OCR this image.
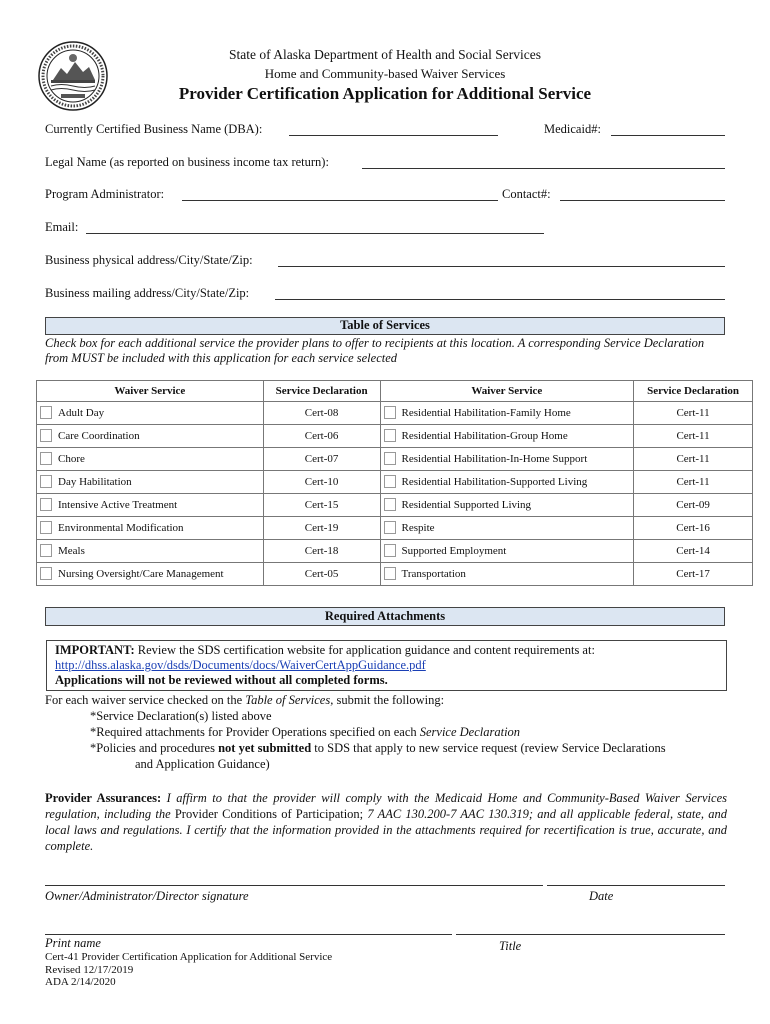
State of Alaska Department of Health and Social Services
Home and Community-based Waiver Services
Provider Certification Application for Additional Service
Currently Certified Business Name (DBA):	Medicaid#:
Legal Name (as reported on business income tax return):
Program Administrator:	Contact#:
Email:
Business physical address/City/State/Zip:
Business mailing address/City/State/Zip:
Table of Services
Check box for each additional service the provider plans to offer to recipients at this location. A corresponding Service Declaration from MUST be included with this application for each service selected
Waiver Service	Service Declaration	Waiver Service	Service Declaration

Adult Day	Cert-08	Residential Habilitation-Family Home	Cert-11

Care Coordination	Cert-06	Residential Habilitation-Group Home	Cert-11

Chore	Cert-07	Residential Habilitation-In-Home Support	Cert-11

Day Habilitation	Cert-10	Residential Habilitation-Supported Living	Cert-11

Intensive Active Treatment	Cert-15	Residential Supported Living	Cert-09

Environmental Modification	Cert-19	Respite	Cert-16

Meals	Cert-18	Supported Employment	Cert-14

Nursing Oversight/Care Management	Cert-05	Transportation	Cert-17
Required Attachments
IMPORTANT: Review the SDS certification website for application guidance and content requirements at:
http://dhss.alaska.gov/dsds/Documents/docs/WaiverCertAppGuidance.pdf
Applications will not be reviewed without all completed forms.
For each waiver service checked on the Table of Services, submit the following:
*Service Declaration(s) listed above
*Required attachments for Provider Operations specified on each Service Declaration
*Policies and procedures not yet submitted to SDS that apply to new service request (review Service Declarations
and Application Guidance)
Provider Assurances: I affirm to that the provider will comply with the Medicaid Home and Community-Based Waiver Services regulation, including the Provider Conditions of Participation; 7 AAC 130.200-7 AAC 130.319; and all applicable federal, state, and local laws and regulations. I certify that the information provided in the attachments required for recertification is true, accurate, and complete.
Owner/Administrator/Director signature	Date
Print name	Title
Cert-41 Provider Certification Application for Additional Service
Revised 12/17/2019
ADA 2/14/2020
